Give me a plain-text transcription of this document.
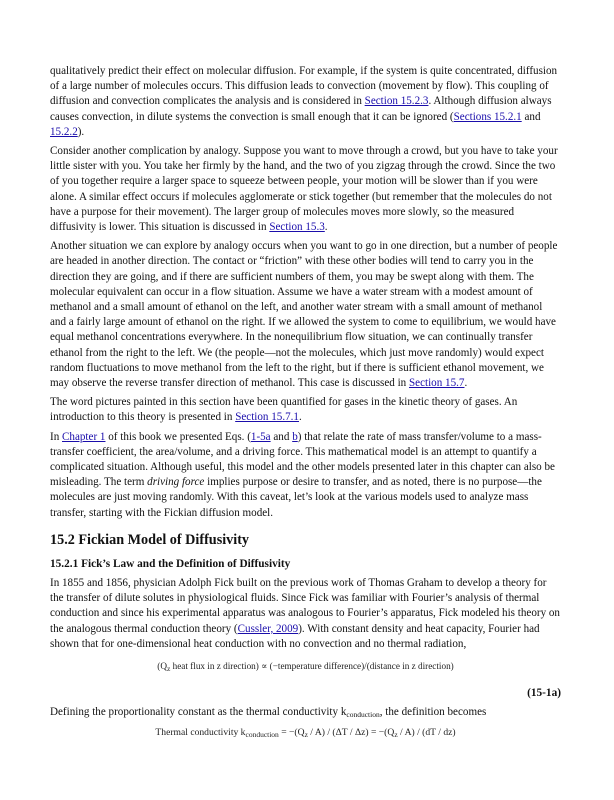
qualitatively predict their effect on molecular diffusion. For example, if the system is quite concentrated, diffusion of a large number of molecules occurs. This diffusion leads to convection (movement by flow). This coupling of diffusion and convection complicates the analysis and is considered in Section 15.2.3. Although diffusion always causes convection, in dilute systems the convection is small enough that it can be ignored (Sections 15.2.1 and 15.2.2).

Consider another complication by analogy. Suppose you want to move through a crowd, but you have to take your little sister with you. You take her firmly by the hand, and the two of you zigzag through the crowd. Since the two of you together require a larger space to squeeze between people, your motion will be slower than if you were alone. A similar effect occurs if molecules agglomerate or stick together (but remember that the molecules do not have a purpose for their movement). The larger group of molecules moves more slowly, so the measured diffusivity is lower. This situation is discussed in Section 15.3.

Another situation we can explore by analogy occurs when you want to go in one direction, but a number of people are headed in another direction. The contact or “friction” with these other bodies will tend to carry you in the direction they are going, and if there are sufficient numbers of them, you may be swept along with them. The molecular equivalent can occur in a flow situation. Assume we have a water stream with a modest amount of methanol and a small amount of ethanol on the left, and another water stream with a small amount of methanol and a fairly large amount of ethanol on the right. If we allowed the system to come to equilibrium, we would have equal methanol concentrations everywhere. In the nonequilibrium flow situation, we can continually transfer ethanol from the right to the left. We (the people—not the molecules, which just move randomly) would expect random fluctuations to move methanol from the left to the right, but if there is sufficient ethanol movement, we may observe the reverse transfer direction of methanol. This case is discussed in Section 15.7.

The word pictures painted in this section have been quantified for gases in the kinetic theory of gases. An introduction to this theory is presented in Section 15.7.1.

In Chapter 1 of this book we presented Eqs. (1-5a and b) that relate the rate of mass transfer/volume to a mass-transfer coefficient, the area/volume, and a driving force. This mathematical model is an attempt to quantify a complicated situation. Although useful, this model and the other models presented later in this chapter can also be misleading. The term driving force implies purpose or desire to transfer, and as noted, there is no purpose—the molecules are just moving randomly. With this caveat, let’s look at the various models used to analyze mass transfer, starting with the Fickian diffusion model.

15.2 Fickian Model of Diffusivity
15.2.1 Fick’s Law and the Definition of Diffusivity

In 1855 and 1856, physician Adolph Fick built on the previous work of Thomas Graham to develop a theory for the transfer of dilute solutes in physiological fluids. Since Fick was familiar with Fourier’s analysis of thermal conduction and since his experimental apparatus was analogous to Fourier’s apparatus, Fick modeled his theory on the analogous thermal conduction theory (Cussler, 2009). With constant density and heat capacity, Fourier had shown that for one-dimensional heat conduction with no convection and no thermal radiation,

($Q_z$ heat flux in z direction) ∝ (−temperature difference)/(distance in z direction)
(15-1a)

Defining the proportionality constant as the thermal conductivity $k_{conduction}$, the definition becomes

Thermal conductivity $k_{conduction} = -(Q_z / A) / (\Delta T / \Delta z) = -(Q_z / A) / (dT / dz)$
